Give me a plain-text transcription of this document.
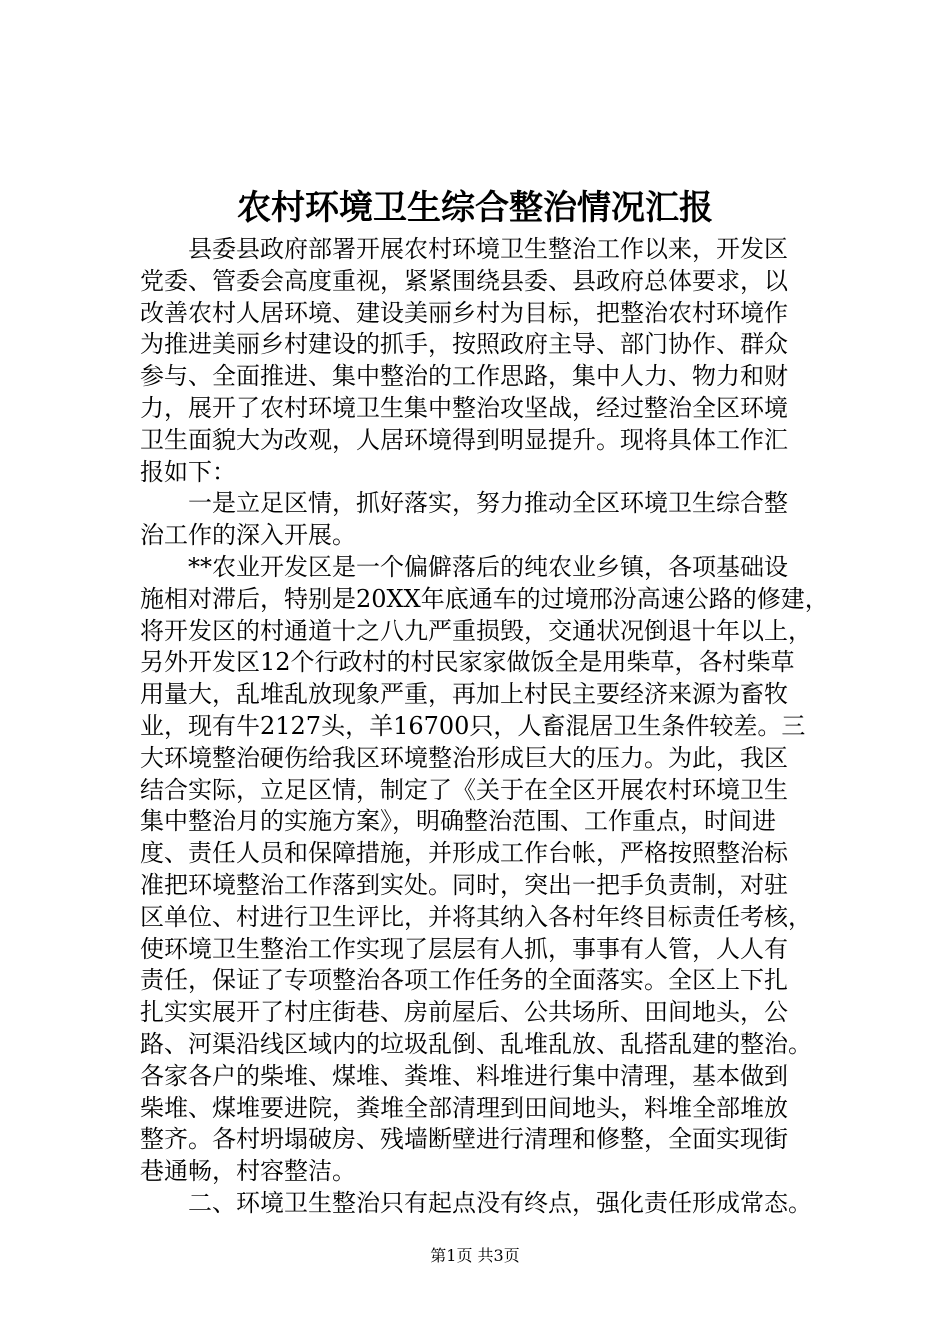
农村环境卫生综合整治情况汇报
县委县政府部署开展农村环境卫生整治工作以来，开发区
党委、管委会高度重视，紧紧围绕县委、县政府总体要求，以
改善农村人居环境、建设美丽乡村为目标，把整治农村环境作
为推进美丽乡村建设的抓手，按照政府主导、部门协作、群众
参与、全面推进、集中整治的工作思路，集中人力、物力和财
力，展开了农村环境卫生集中整治攻坚战，经过整治全区环境
卫生面貌大为改观，人居环境得到明显提升。现将具体工作汇
报如下：
一是立足区情，抓好落实，努力推动全区环境卫生综合整
治工作的深入开展。
**农业开发区是一个偏僻落后的纯农业乡镇，各项基础设
施相对滞后，特别是20XX年底通车的过境邢汾高速公路的修建，
将开发区的村通道十之八九严重损毁，交通状况倒退十年以上，
另外开发区12个行政村的村民家家做饭全是用柴草，各村柴草
用量大，乱堆乱放现象严重，再加上村民主要经济来源为畜牧
业，现有牛2127头，羊16700只，人畜混居卫生条件较差。三
大环境整治硬伤给我区环境整治形成巨大的压力。为此，我区
结合实际，立足区情，制定了《关于在全区开展农村环境卫生
集中整治月的实施方案》，明确整治范围、工作重点，时间进
度、责任人员和保障措施，并形成工作台帐，严格按照整治标
准把环境整治工作落到实处。同时，突出一把手负责制，对驻
区单位、村进行卫生评比，并将其纳入各村年终目标责任考核，
使环境卫生整治工作实现了层层有人抓，事事有人管，人人有
责任，保证了专项整治各项工作任务的全面落实。全区上下扎
扎实实展开了村庄街巷、房前屋后、公共场所、田间地头，公
路、河渠沿线区域内的垃圾乱倒、乱堆乱放、乱搭乱建的整治。
各家各户的柴堆、煤堆、粪堆、料堆进行集中清理，基本做到
柴堆、煤堆要进院，粪堆全部清理到田间地头，料堆全部堆放
整齐。各村坍塌破房、残墙断壁进行清理和修整，全面实现街
巷通畅，村容整洁。
二、环境卫生整治只有起点没有终点，强化责任形成常态。
第1页 共3页
